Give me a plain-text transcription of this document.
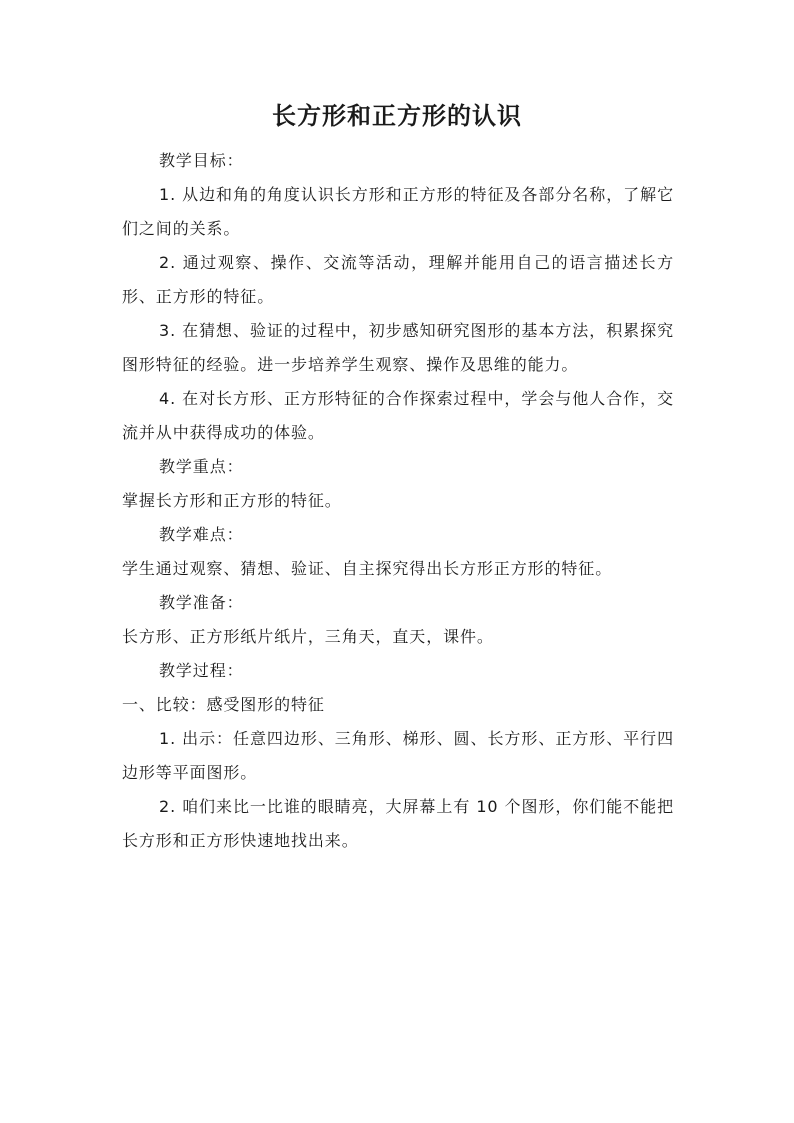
长方形和正方形的认识

教学目标：

1. 从边和角的角度认识长方形和正方形的特征及各部分名称，了解它们之间的关系。

2. 通过观察、操作、交流等活动，理解并能用自己的语言描述长方形、正方形的特征。

3. 在猜想、验证的过程中，初步感知研究图形的基本方法，积累探究图形特征的经验。进一步培养学生观察、操作及思维的能力。

4. 在对长方形、正方形特征的合作探索过程中，学会与他人合作，交流并从中获得成功的体验。

教学重点：

掌握长方形和正方形的特征。

教学难点：

学生通过观察、猜想、验证、自主探究得出长方形正方形的特征。

教学准备：

长方形、正方形纸片纸片，三角天，直天，课件。

教学过程：

一、比较：感受图形的特征

1. 出示：任意四边形、三角形、梯形、圆、长方形、正方形、平行四边形等平面图形。

2. 咱们来比一比谁的眼睛亮，大屏幕上有 10 个图形，你们能不能把长方形和正方形快速地找出来。
